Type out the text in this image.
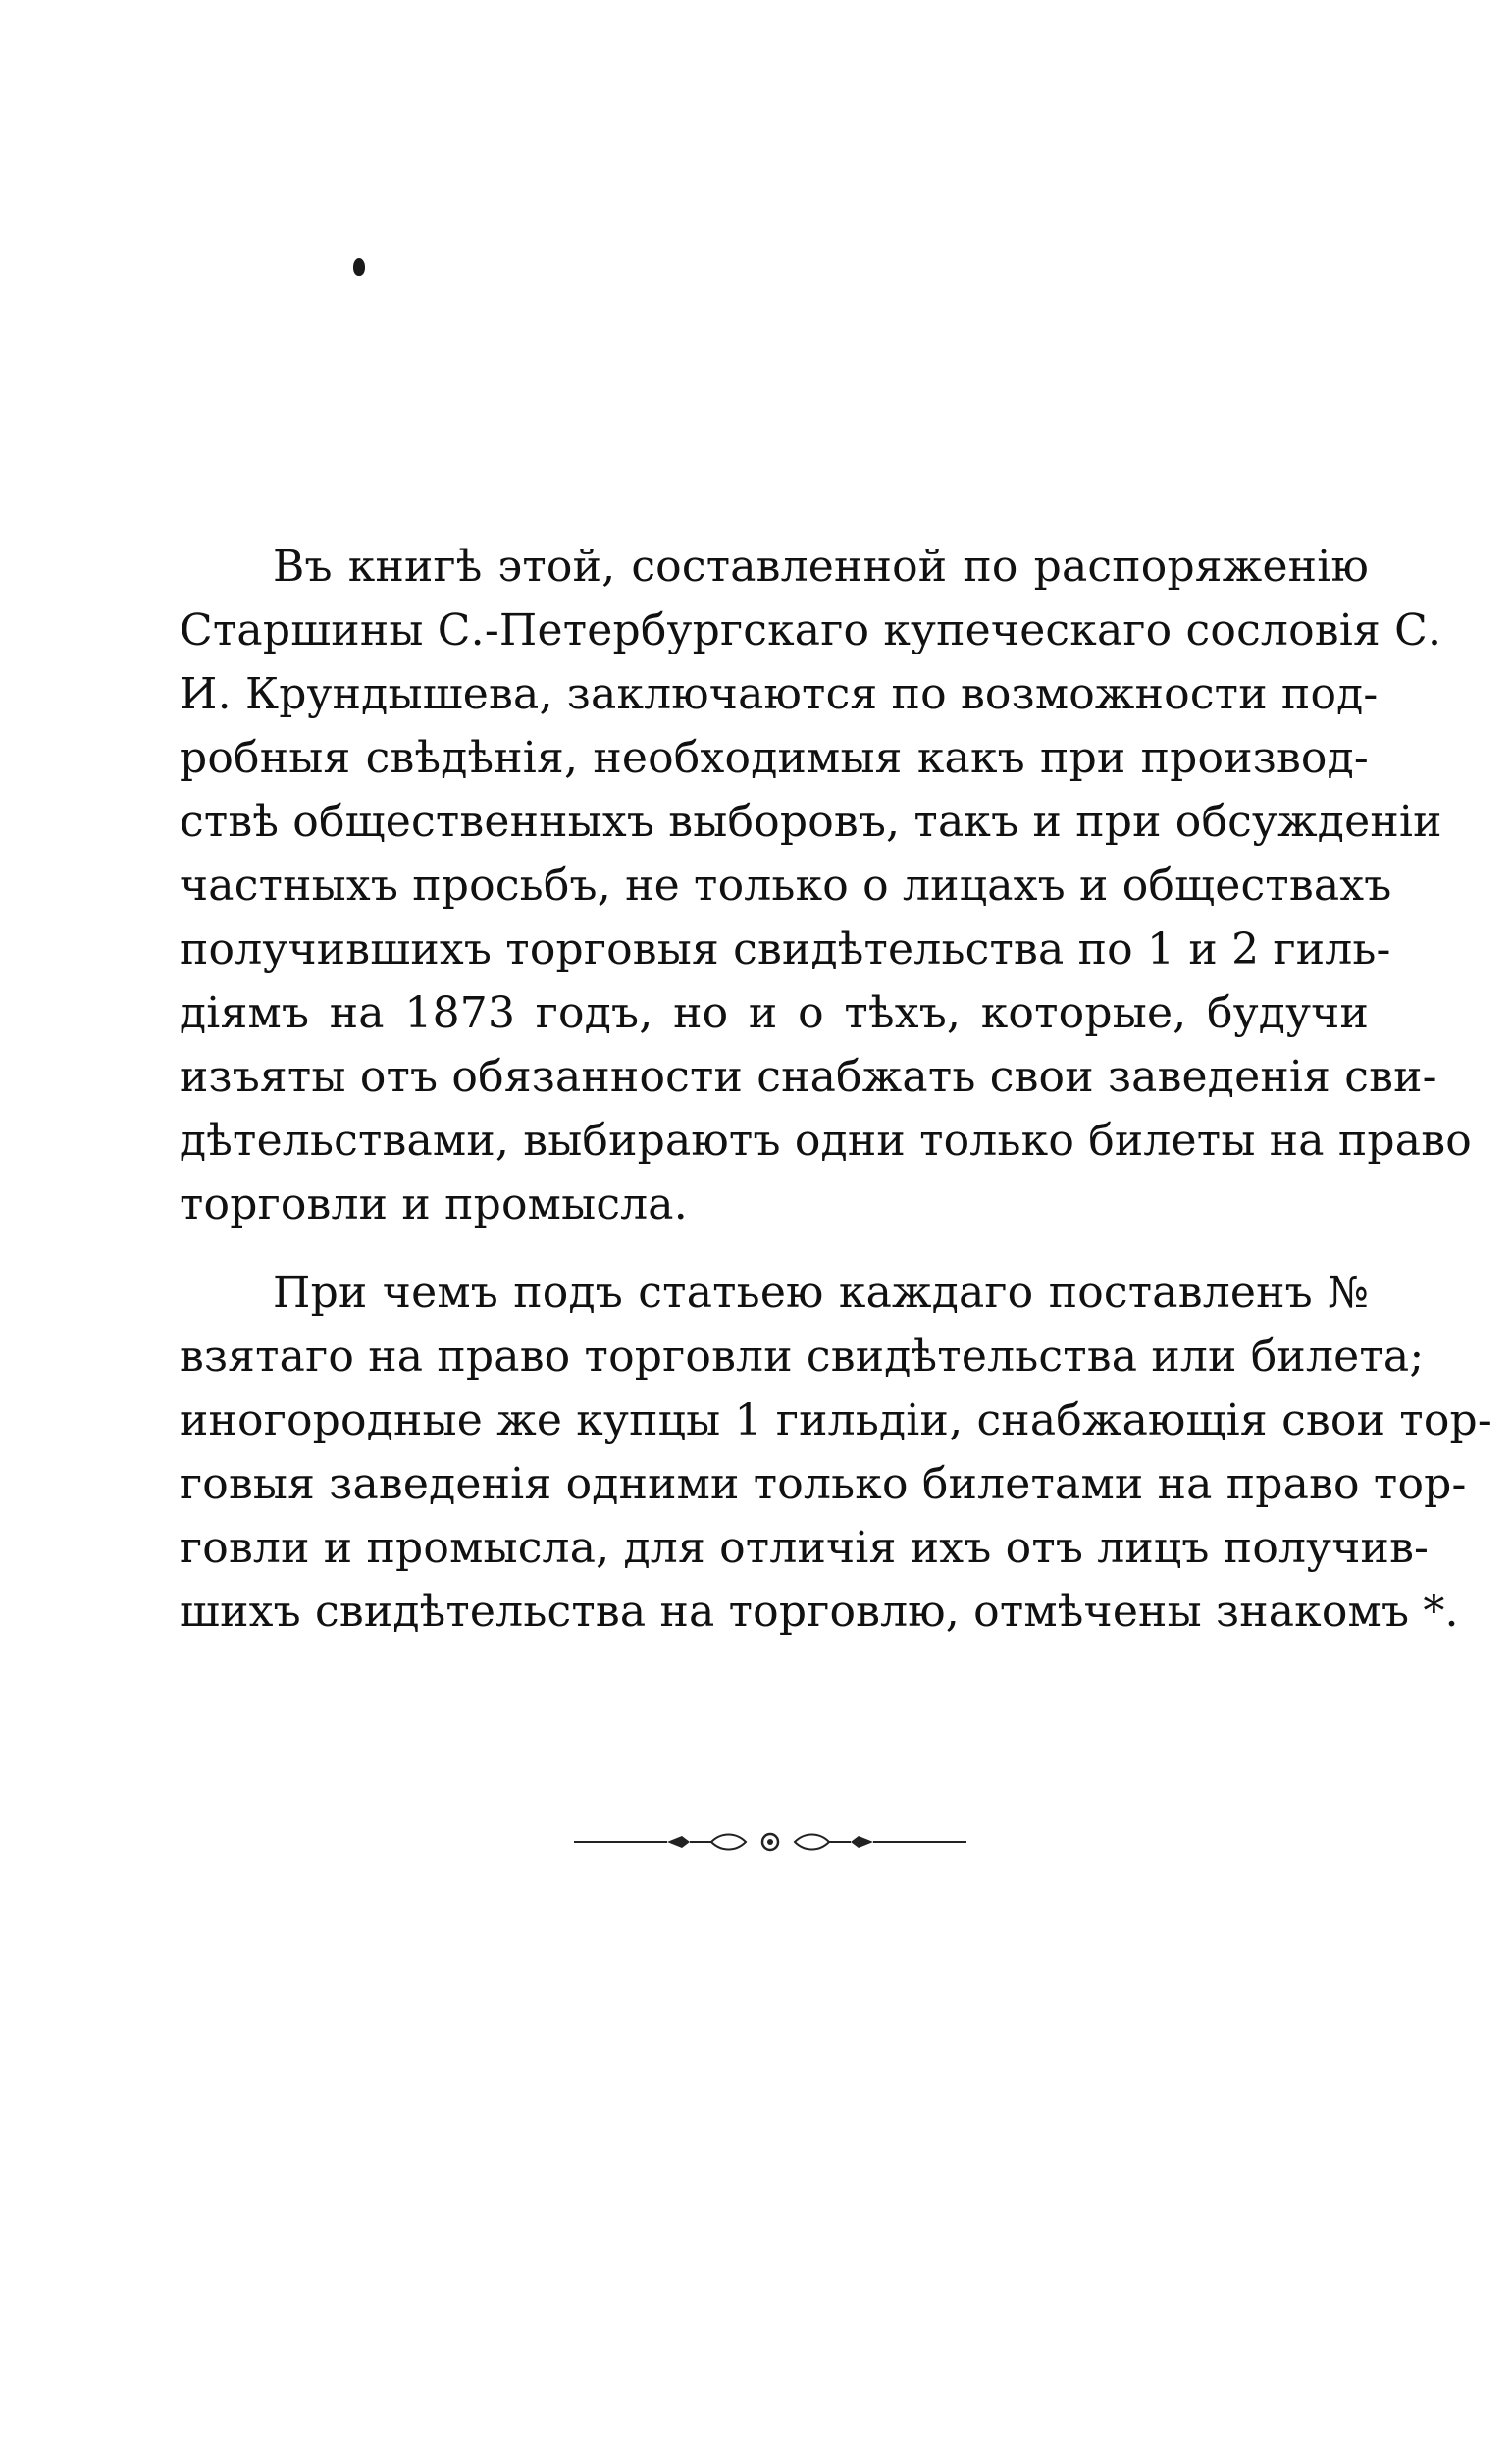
Въ книгѣ этой, составленной по распоряженію
Старшины С.-Петербургскаго купеческаго сословія С.
И. Крундышева, заключаются по возможности под-
робныя свѣдѣнія, необходимыя какъ при производ-
ствѣ общественныхъ выборовъ, такъ и при обсужденіи
частныхъ просьбъ, не только о лицахъ и обществахъ
получившихъ торговыя свидѣтельства по 1 и 2 гиль-
діямъ на 1873 годъ, но и о тѣхъ, которые, будучи
изъяты отъ обязанности снабжать свои заведенія сви-
дѣтельствами, выбираютъ одни только билеты на право
торговли и промысла.
При чемъ подъ статьею каждаго поставленъ №
взятаго на право торговли свидѣтельства или билета;
иногородные же купцы 1 гильдіи, снабжающія свои тор-
говыя заведенія одними только билетами на право тор-
говли и промысла, для отличія ихъ отъ лицъ получив-
шихъ свидѣтельства на торговлю, отмѣчены знакомъ *.
